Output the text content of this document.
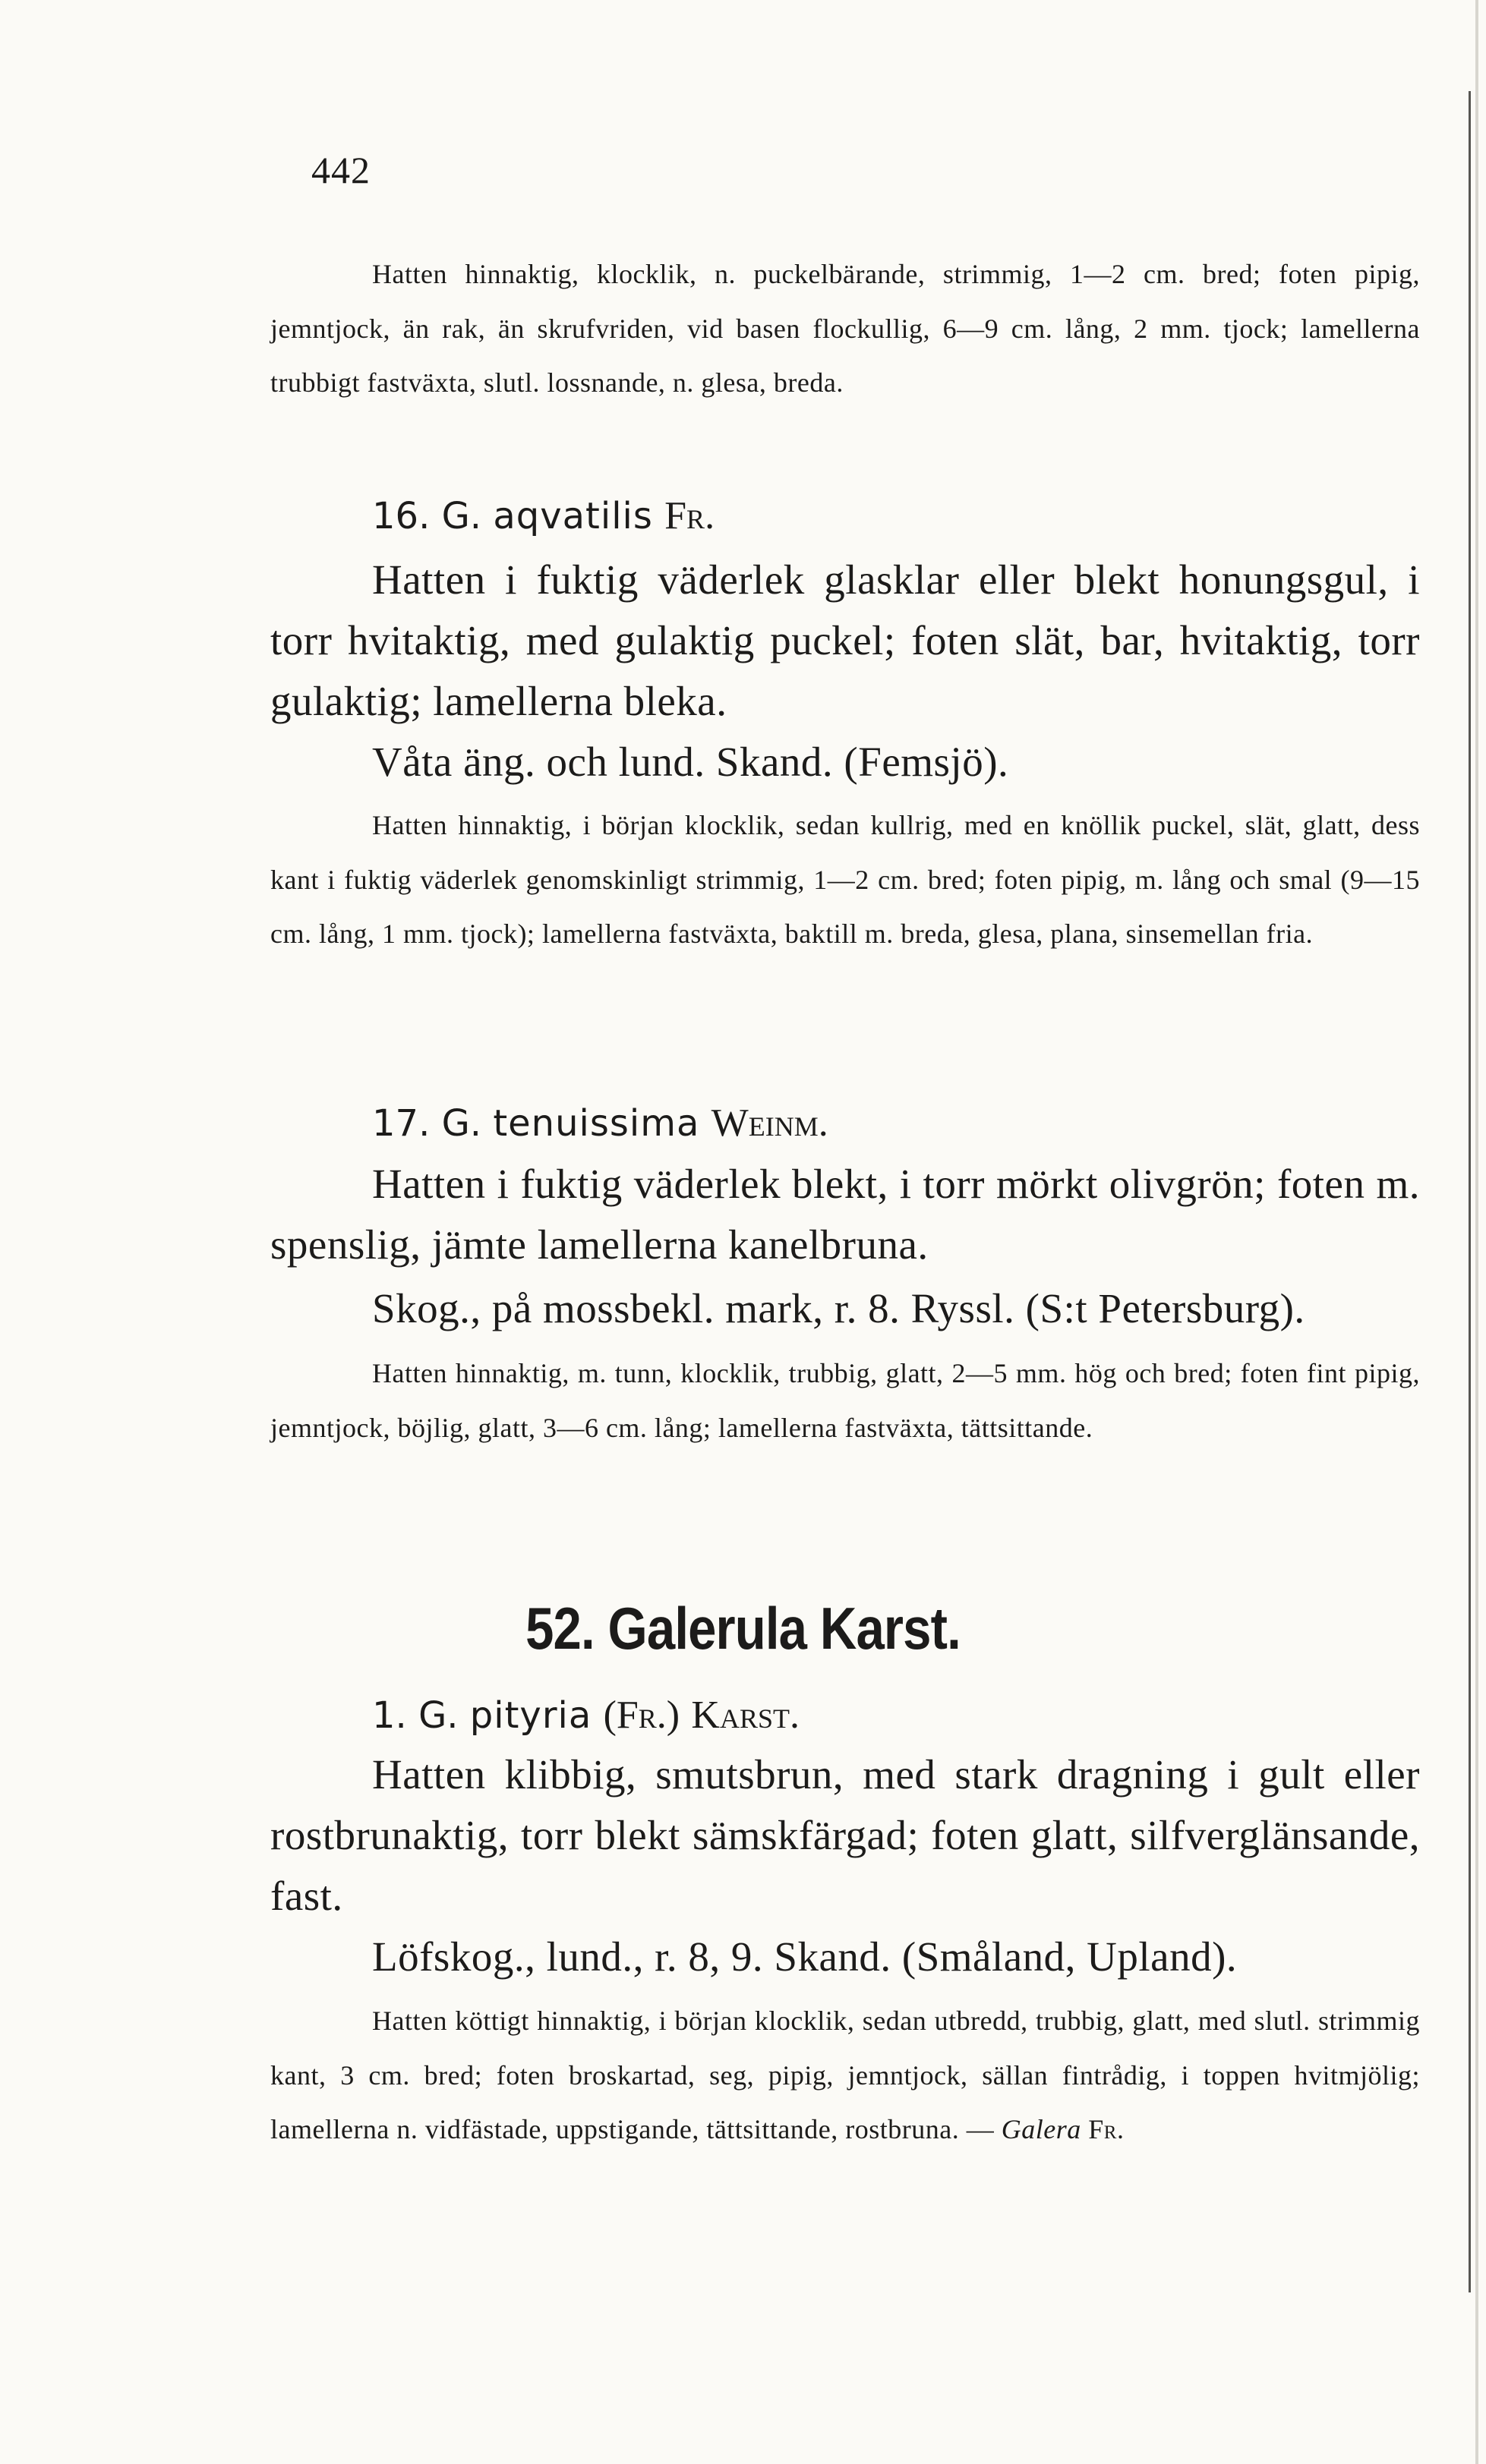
442
Hatten hinnaktig, klocklik, n. puckelbärande, strimmig, 1—2 cm. bred; foten pipig, jemntjock, än rak, än skrufvriden, vid basen flockullig, 6—9 cm. lång, 2 mm. tjock; lamellerna trubbigt fastväxta, slutl. lossnande, n. glesa, breda.
16. G. aqvatilis Fr.
Hatten i fuktig väderlek glasklar eller blekt honungsgul, i torr hvitaktig, med gulaktig puckel; foten slät, bar, hvitaktig, torr gulaktig; lamellerna bleka.
Våta äng. och lund. Skand. (Femsjö).
Hatten hinnaktig, i början klocklik, sedan kullrig, med en knöllik puckel, slät, glatt, dess kant i fuktig väderlek genomskinligt strimmig, 1—2 cm. bred; foten pipig, m. lång och smal (9—15 cm. lång, 1 mm. tjock); lamellerna fastväxta, baktill m. breda, glesa, plana, sinsemellan fria.
17. G. tenuissima Weinm.
Hatten i fuktig väderlek blekt, i torr mörkt olivgrön; foten m. spenslig, jämte lamellerna kanelbruna.
Skog., på mossbekl. mark, r. 8. Ryssl. (S:t Petersburg).
Hatten hinnaktig, m. tunn, klocklik, trubbig, glatt, 2—5 mm. hög och bred; foten fint pipig, jemntjock, böjlig, glatt, 3—6 cm. lång; lamellerna fastväxta, tättsittande.
52. Galerula Karst.
1. G. pityria (Fr.) Karst.
Hatten klibbig, smutsbrun, med stark dragning i gult eller rostbrunaktig, torr blekt sämskfärgad; foten glatt, silfverglänsande, fast.
Löfskog., lund., r. 8, 9. Skand. (Småland, Upland).
Hatten köttigt hinnaktig, i början klocklik, sedan utbredd, trubbig, glatt, med slutl. strimmig kant, 3 cm. bred; foten broskartad, seg, pipig, jemntjock, sällan fintrådig, i toppen hvitmjölig; lamellerna n. vidfästade, uppstigande, tättsittande, rostbruna. — Galera Fr.
